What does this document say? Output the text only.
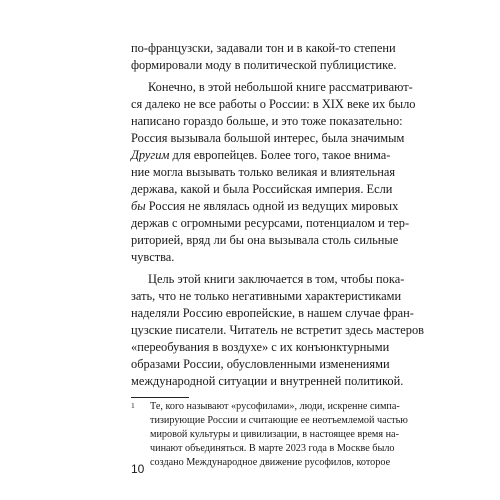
по-французски, задавали тон и в какой-то степени
формировали моду в политической публицистике.
Конечно, в этой небольшой книге рассматривают-
ся далеко не все работы о России: в XIX веке их было
написано гораздо больше, и это тоже показательно:
Россия вызывала большой интерес, была значимым
Другим для европейцев. Более того, такое внима-
ние могла вызывать только великая и влиятельная
держава, какой и была Российская империя. Если
бы Россия не являлась одной из ведущих мировых
держав с огромными ресурсами, потенциалом и тер-
риторией, вряд ли бы она вызывала столь сильные
чувства.
Цель этой книги заключается в том, чтобы пока-
зать, что не только негативными характеристиками
наделяли Россию европейские, в нашем случае фран-
цузские писатели. Читатель не встретит здесь мастеров
«переобувания в воздухе» с их конъюнктурными
образами России, обусловленными изменениями
международной ситуации и внутренней политикой.
1 Те, кого называют «русофилами», люди, искренне симпа-
тизирующие России и считающие ее неотъемлемой частью
мировой культуры и цивилизации, в настоящее время на-
чинают объединяться. В марте 2023 года в Москве было
создано Международное движение русофилов, которое
10
